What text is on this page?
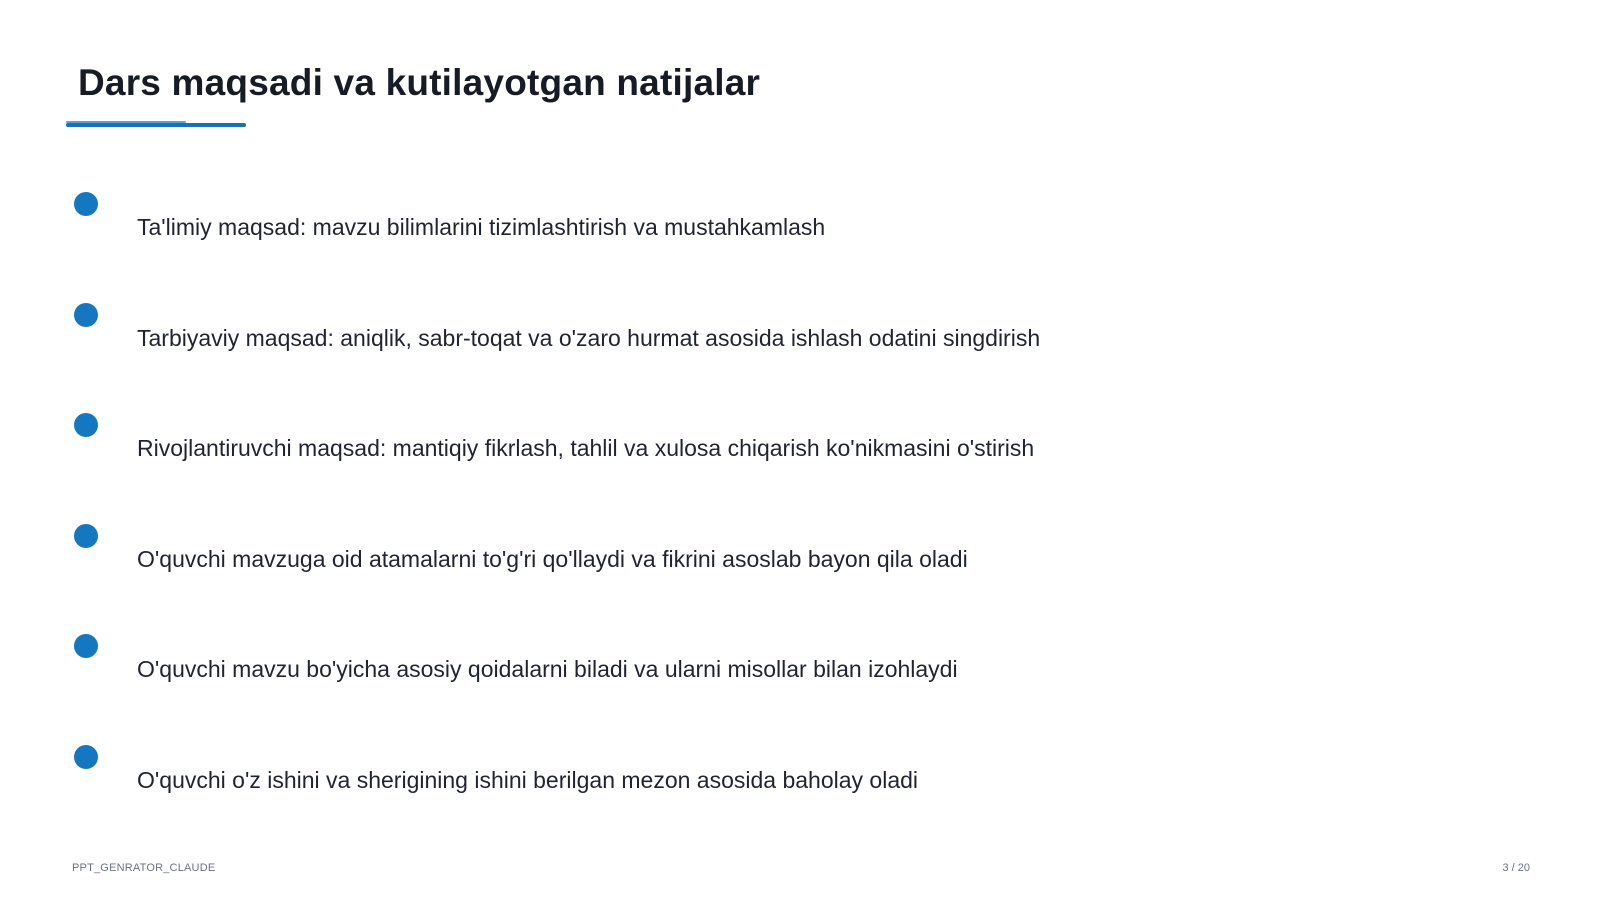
Dars maqsadi va kutilayotgan natijalar
Ta'limiy maqsad: mavzu bilimlarini tizimlashtirish va mustahkamlash
Tarbiyaviy maqsad: aniqlik, sabr-toqat va o'zaro hurmat asosida ishlash odatini singdirish
Rivojlantiruvchi maqsad: mantiqiy fikrlash, tahlil va xulosa chiqarish ko'nikmasini o'stirish
O'quvchi mavzuga oid atamalarni to'g'ri qo'llaydi va fikrini asoslab bayon qila oladi
O'quvchi mavzu bo'yicha asosiy qoidalarni biladi va ularni misollar bilan izohlaydi
O'quvchi o'z ishini va sherigining ishini berilgan mezon asosida baholay oladi
PPT_GENRATOR_CLAUDE	3 / 20
